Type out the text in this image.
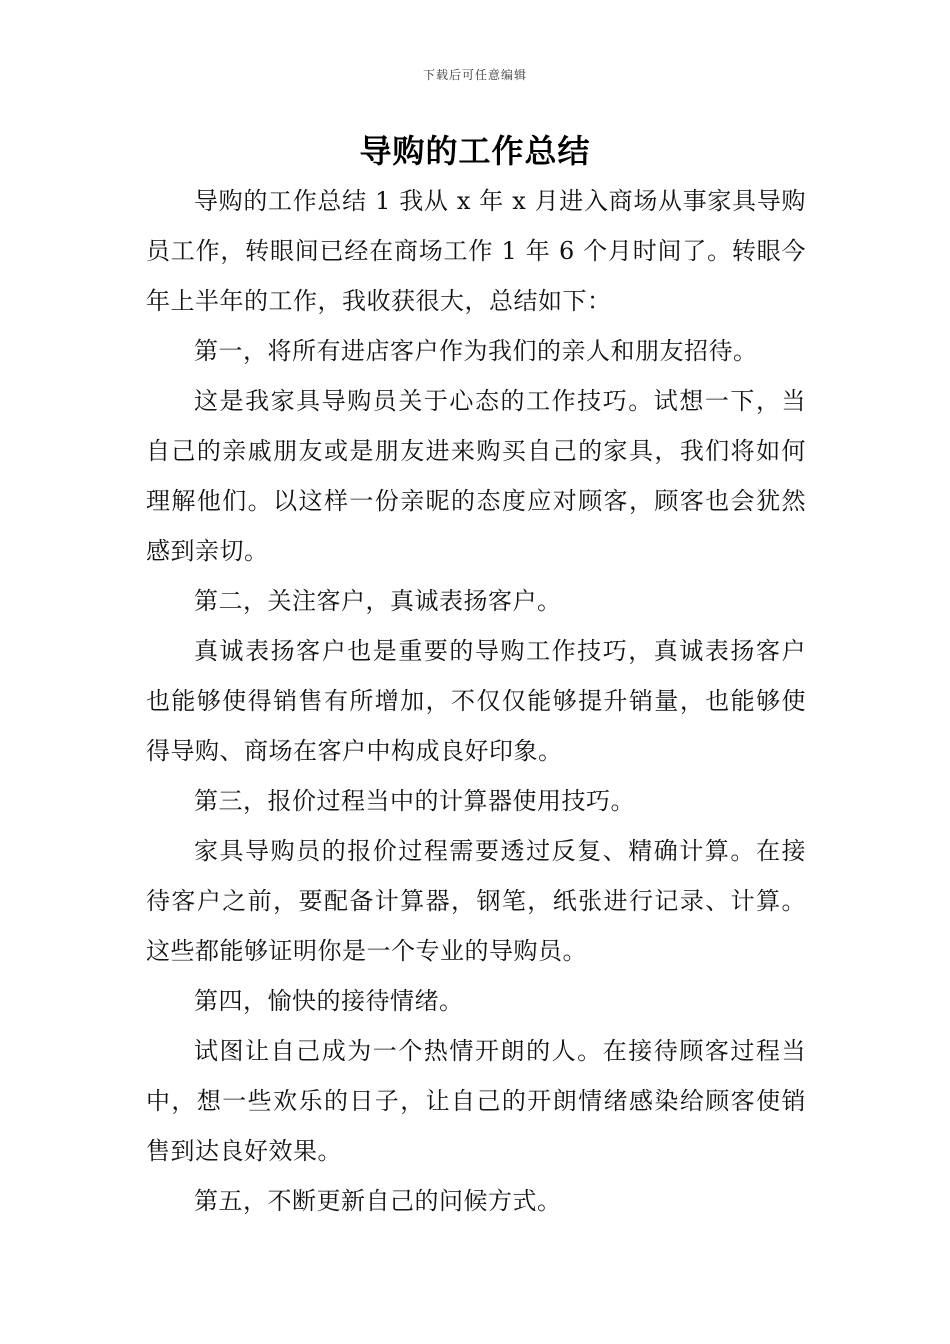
下载后可任意编辑
导购的工作总结

导购的工作总结 1 我从 x 年 x 月进入商场从事家具导购员工作，转眼间已经在商场工作 1 年 6 个月时间了。转眼今年上半年的工作，我收获很大，总结如下：

第一，将所有进店客户作为我们的亲人和朋友招待。

这是我家具导购员关于心态的工作技巧。试想一下，当自己的亲戚朋友或是朋友进来购买自己的家具，我们将如何理解他们。以这样一份亲昵的态度应对顾客，顾客也会犹然感到亲切。

第二，关注客户，真诚表扬客户。

真诚表扬客户也是重要的导购工作技巧，真诚表扬客户也能够使得销售有所增加，不仅仅能够提升销量，也能够使得导购、商场在客户中构成良好印象。

第三，报价过程当中的计算器使用技巧。

家具导购员的报价过程需要透过反复、精确计算。在接待客户之前，要配备计算器，钢笔，纸张进行记录、计算。这些都能够证明你是一个专业的导购员。

第四，愉快的接待情绪。

试图让自己成为一个热情开朗的人。在接待顾客过程当中，想一些欢乐的日子，让自己的开朗情绪感染给顾客使销售到达良好效果。

第五，不断更新自己的问候方式。
